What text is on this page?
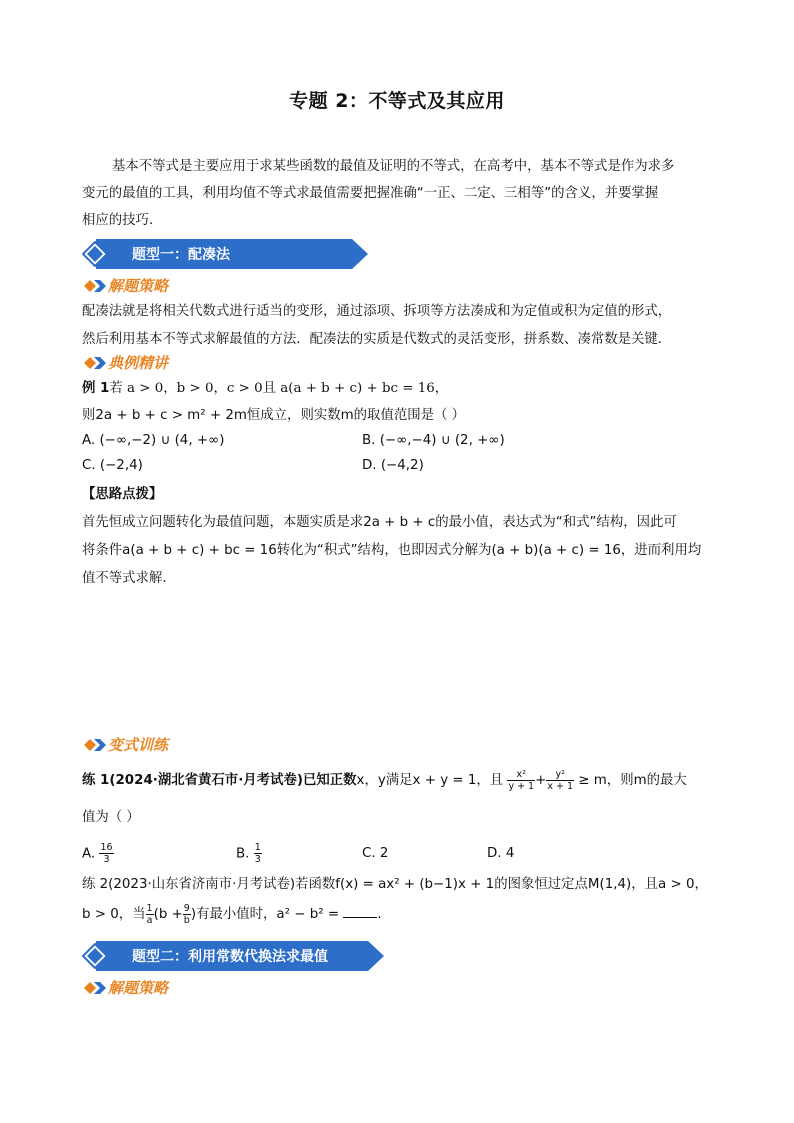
专题 2：不等式及其应用
基本不等式是主要应用于求某些函数的最值及证明的不等式，在高考中，基本不等式是作为求多
变元的最值的工具，利用均值不等式求最值需要把握准确“一正、二定、三相等”的含义，并要掌握
相应的技巧.
题型一：配凑法
解题策略
配凑法就是将相关代数式进行适当的变形，通过添项、拆项等方法凑成和为定值或积为定值的形式，
然后利用基本不等式求解最值的方法．配凑法的实质是代数式的灵活变形，拼系数、凑常数是关键．
典例精讲
例 1若 a > 0，b > 0，c > 0且 a(a + b + c) + bc = 16，
则2a + b + c > m² + 2m恒成立，则实数m的取值范围是（ ）
A. (−∞,−2) ∪ (4, +∞)	B. (−∞,−4) ∪ (2, +∞)
C. (−2,4)	D. (−4,2)
【思路点拨】
首先恒成立问题转化为最值问题，本题实质是求2a + b + c的最小值，表达式为“和式”结构，因此可
将条件a(a + b + c) + bc = 16转化为“积式”结构，也即因式分解为(a + b)(a + c) = 16，进而利用均
值不等式求解.
变式训练
练 1(2024·湖北省黄石市·月考试卷)已知正数x，y满足x + y = 1，且 $\frac{\text{x²}}{y + 1} + \frac{\text{y²}}{x + 1} \ge m$，则m的最大
值为（ ）
A. $\frac{16}{3}$	B. $\frac{1}{3}$	C. 2	D. 4
练 2(2023·山东省济南市·月考试卷)若函数f(x) = ax² + (b−1)x + 1的图象恒过定点M(1,4)，且a > 0，
b > 0，当 $\frac{1}{a} (b + \frac{9}{b}$ )有最小值时，a² − b² =	.
题型二：利用常数代换法求最值
解题策略
